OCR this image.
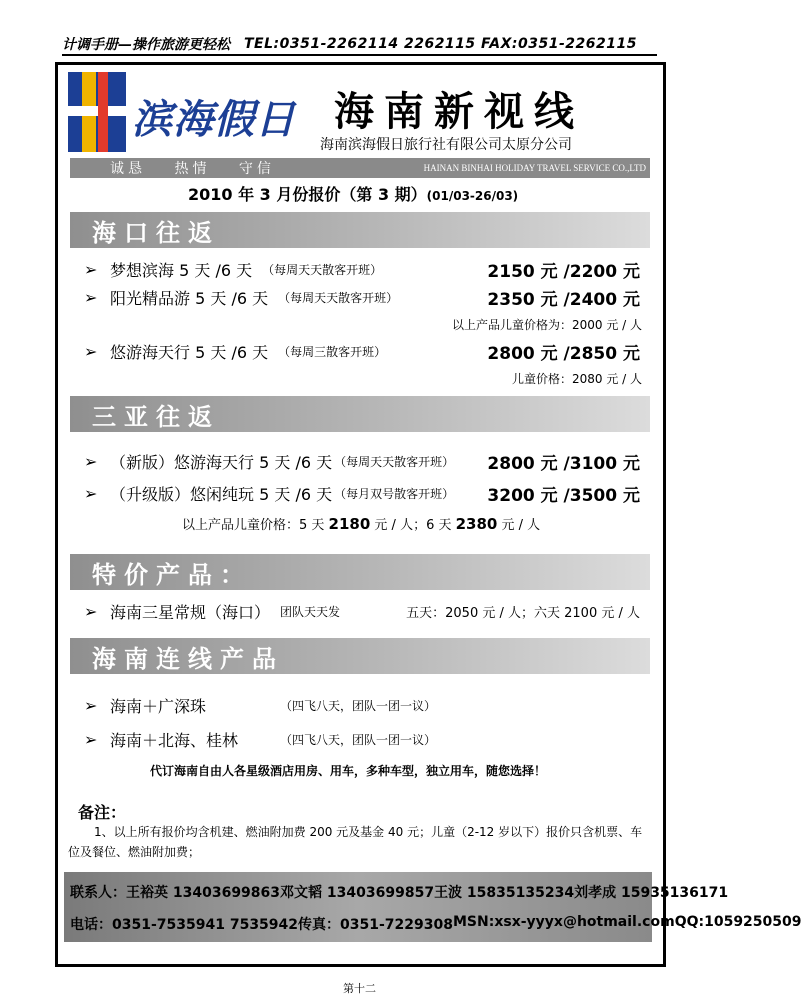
计调手册—操作旅游更轻松 TEL:0351-2262114 2262115 FAX:0351-2262115
滨海假日 海南新视线
海南滨海假日旅行社有限公司太原分公司
诚恳 热情 守信	HAINAN BINHAI HOLIDAY TRAVEL SERVICE CO.,LTD
2010 年 3 月份报价（第 3 期）(01/03-26/03)
海口往返
➢ 梦想滨海 5 天 /6 天 （每周天天散客开班）	2150 元 /2200 元
➢ 阳光精品游 5 天 /6 天 （每周天天散客开班）	2350 元 /2400 元
以上产品儿童价格为：2000 元 / 人
➢ 悠游海天行 5 天 /6 天 （每周三散客开班）	2800 元 /2850 元
儿童价格：2080 元 / 人
三亚往返
➢ （新版）悠游海天行 5 天 /6 天 （每周天天散客开班） 2800 元 /3100 元
➢ （升级版）悠闲纯玩 5 天 /6 天 （每月双号散客开班） 3200 元 /3500 元
以上产品儿童价格：5 天 2180 元 / 人；6 天 2380 元 / 人
特价产品：
➢ 海南三星常规（海口） 团队天天发	五天：2050 元 / 人；六天 2100 元 / 人
海南连线产品
➢ 海南＋广深珠	（四飞八天，团队一团一议）
➢ 海南＋北海、桂林	（四飞八天，团队一团一议）
代订海南自由人各星级酒店用房、用车，多种车型，独立用车，随您选择！
备注：
1、以上所有报价均含机建、燃油附加费 200 元及基金 40 元；儿童（2-12 岁以下）报价只含机票、车位及餐位、燃油附加费；
联系人：王裕英 13403699863 邓文韬 13403699857 王波 15835135234 刘孝成 15935136171
电话：0351-7535941 7535942 传真：0351-7229308 MSN:xsx-yyyx@hotmail.com QQ:1059250509
第十二
